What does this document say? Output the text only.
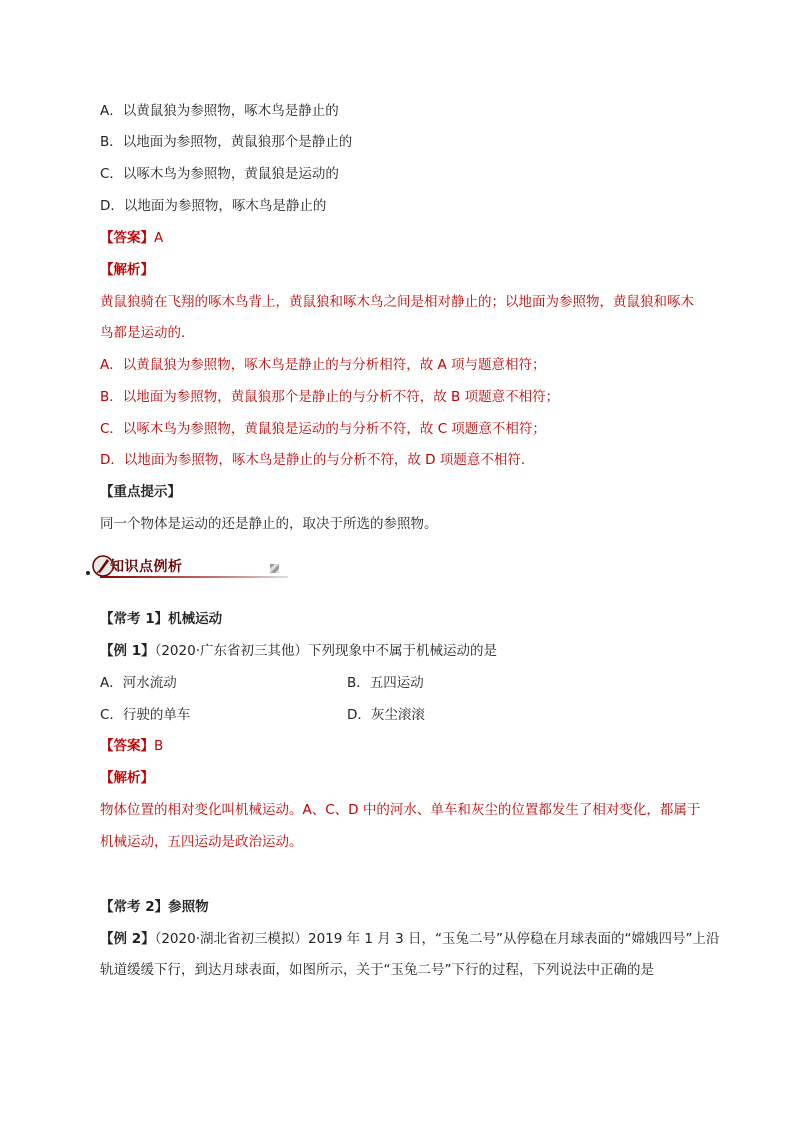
A．以黄鼠狼为参照物，啄木鸟是静止的
B．以地面为参照物，黄鼠狼那个是静止的
C．以啄木鸟为参照物，黄鼠狼是运动的
D．以地面为参照物，啄木鸟是静止的
【答案】A
【解析】
黄鼠狼骑在飞翔的啄木鸟背上，黄鼠狼和啄木鸟之间是相对静止的；以地面为参照物，黄鼠狼和啄木
鸟都是运动的．
A．以黄鼠狼为参照物，啄木鸟是静止的与分析相符，故 A 项与题意相符；
B．以地面为参照物，黄鼠狼那个是静止的与分析不符，故 B 项题意不相符；
C．以啄木鸟为参照物，黄鼠狼是运动的与分析不符，故 C 项题意不相符；
D．以地面为参照物，啄木鸟是静止的与分析不符，故 D 项题意不相符．
【重点提示】
同一个物体是运动的还是静止的，取决于所选的参照物。
知识点例析
【常考 1】机械运动
【例 1】（2020·广东省初三其他）下列现象中不属于机械运动的是
A．河水流动	B．五四运动
C．行驶的单车	D．灰尘滚滚
【答案】B
【解析】
物体位置的相对变化叫机械运动。A、C、D 中的河水、单车和灰尘的位置都发生了相对变化，都属于
机械运动，五四运动是政治运动。
【常考 2】参照物
【例 2】（2020·湖北省初三模拟）2019 年 1 月 3 日，“玉兔二号”从停稳在月球表面的“嫦娥四号”上沿
轨道缓缓下行，到达月球表面，如图所示，关于“玉兔二号”下行的过程，下列说法中正确的是
